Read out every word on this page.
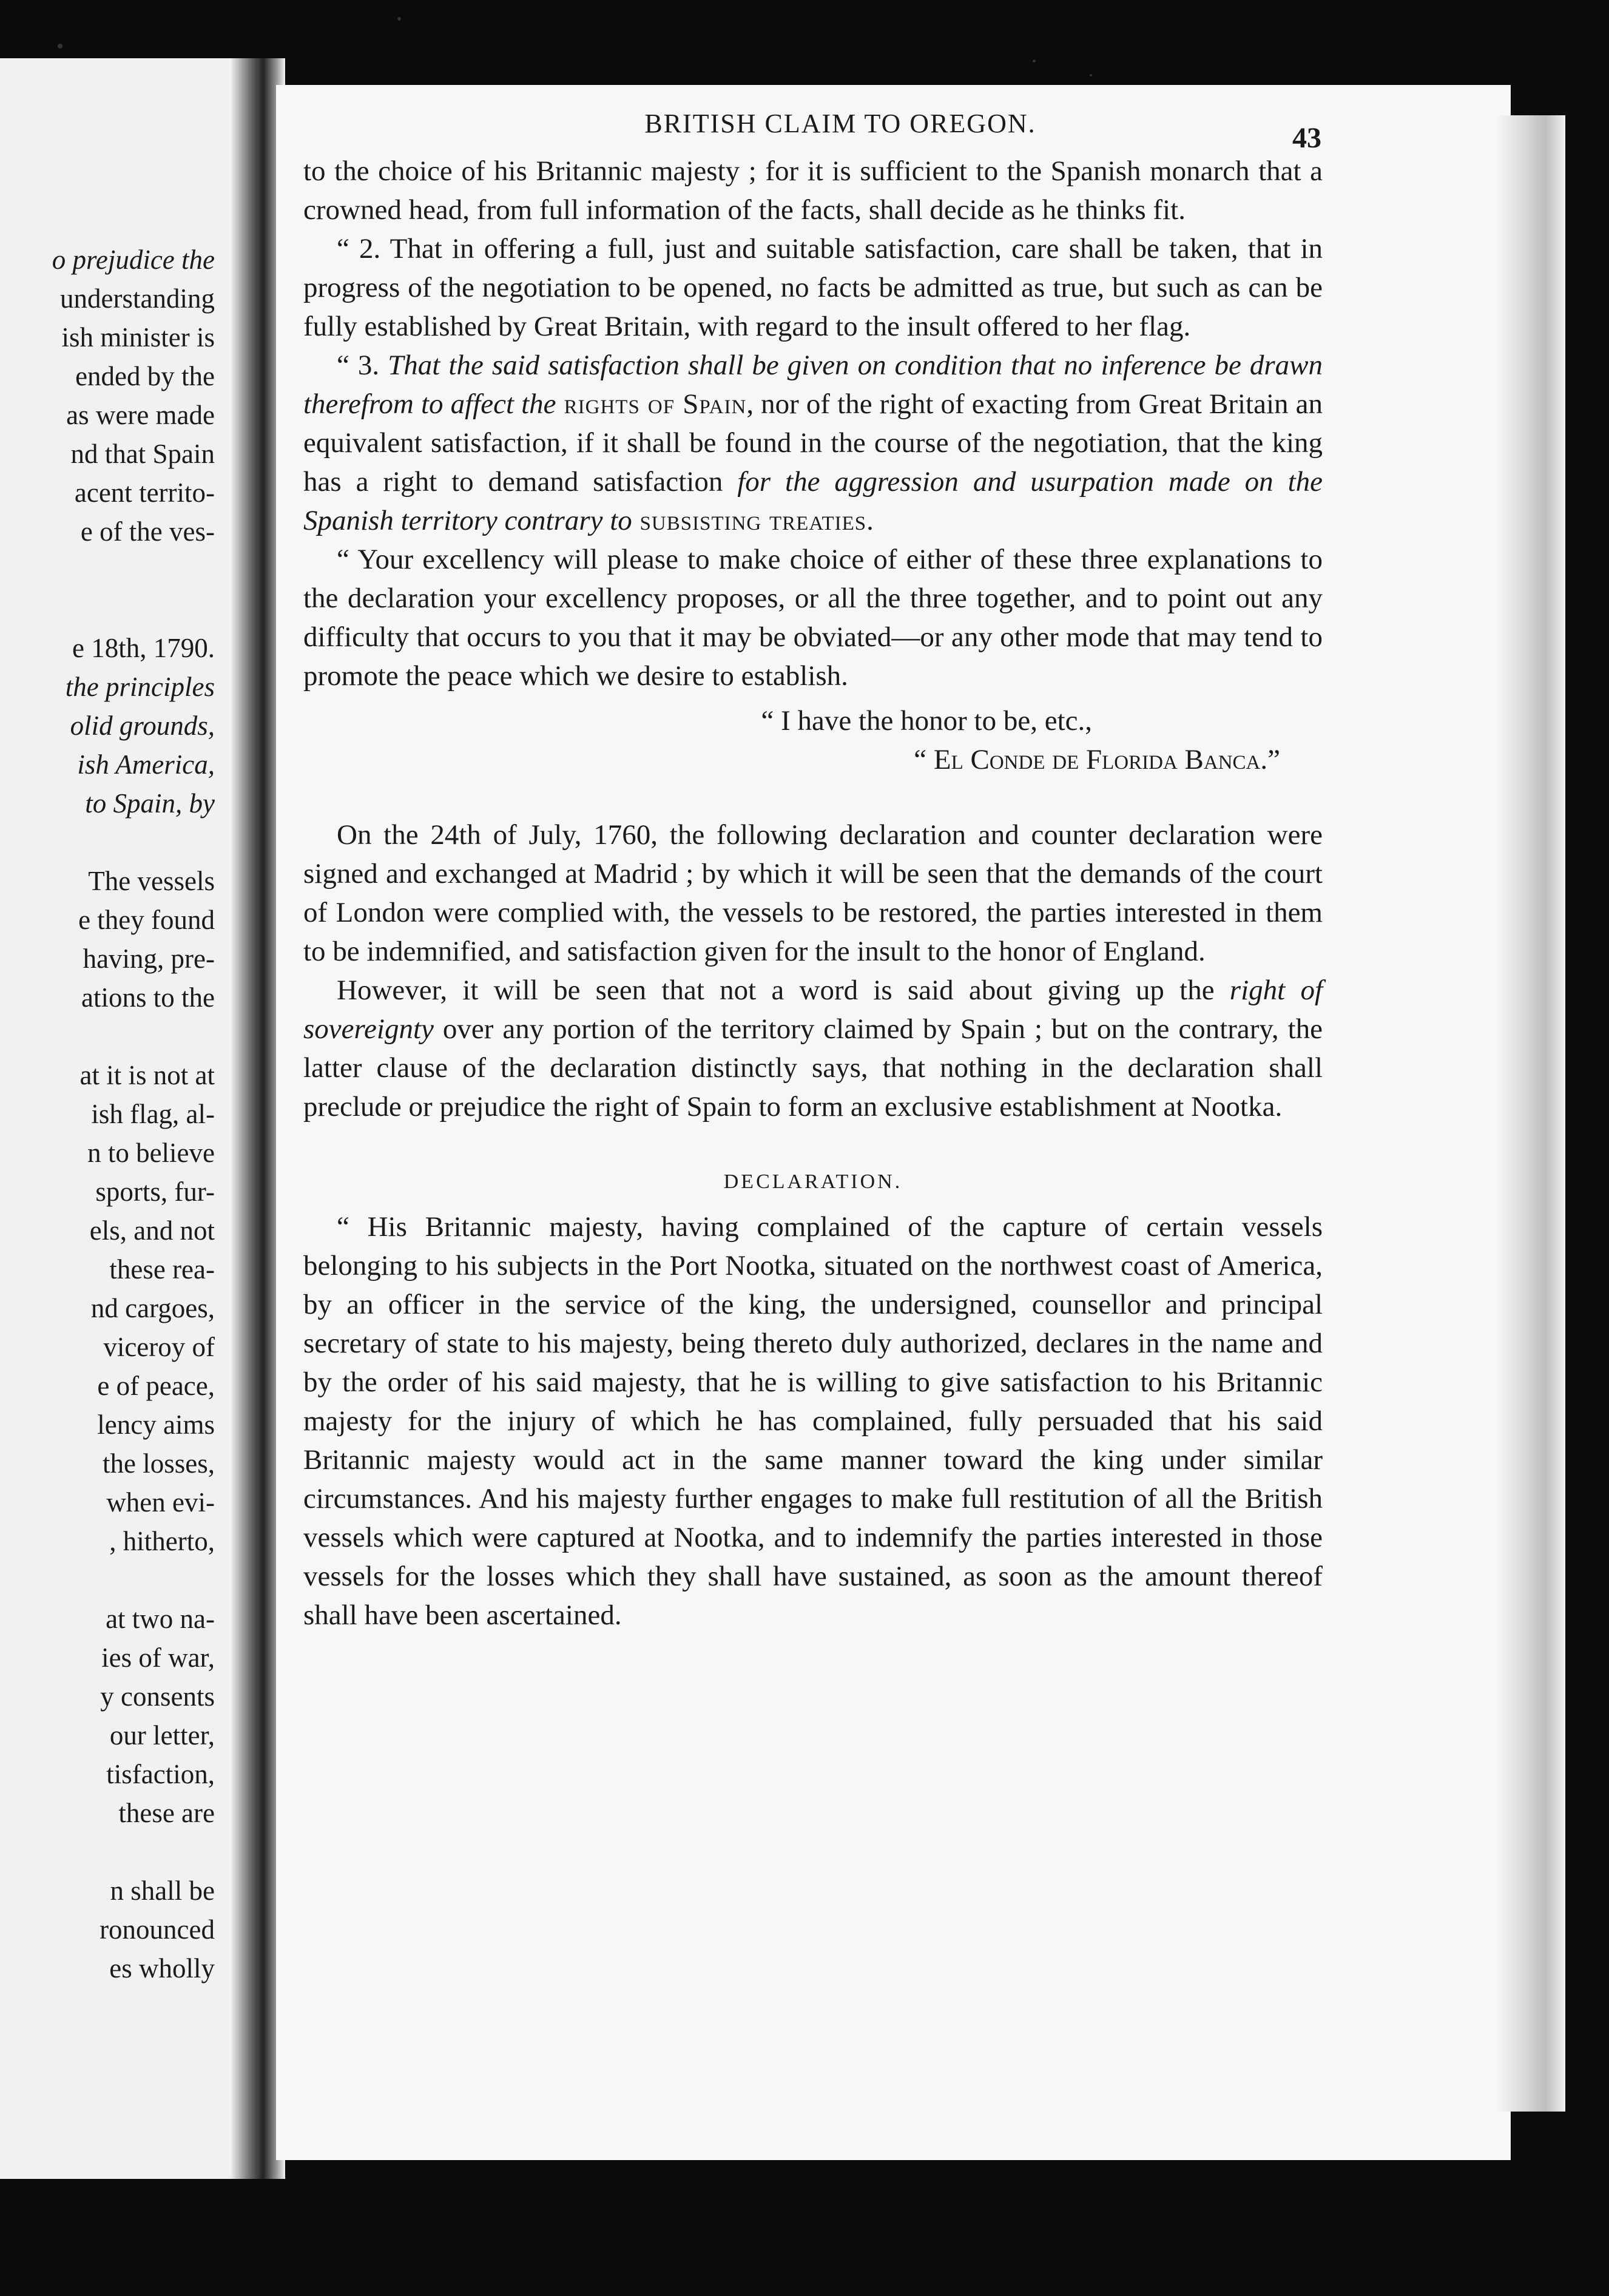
o prejudice the
understanding
ish minister is
ended by the
as were made
nd that Spain
acent territo-
e of the ves-
e 18th, 1790.
the principles
olid grounds,
ish America,
to Spain, by
The vessels
e they found
having, pre-
ations to the
at it is not at
ish flag, al-
n to believe
sports, fur-
els, and not
these rea-
nd cargoes,
viceroy of
e of peace,
lency aims
the losses,
when evi-
, hitherto,
at two na-
ies of war,
y consents
our letter,
tisfaction,
these are
n shall be
ronounced
es wholly
BRITISH CLAIM TO OREGON.	43

to the choice of his Britannic majesty ; for it is sufficient to the Spanish monarch that a crowned head, from full information of the facts, shall decide as he thinks fit.

“ 2. That in offering a full, just and suitable satisfaction, care shall be taken, that in progress of the negotiation to be opened, no facts be admitted as true, but such as can be fully established by Great Britain, with regard to the insult offered to her flag.

“ 3. That the said satisfaction shall be given on condition that no inference be drawn therefrom to affect the rights of Spain, nor of the right of exacting from Great Britain an equivalent satisfaction, if it shall be found in the course of the negotiation, that the king has a right to demand satisfaction for the aggression and usurpation made on the Spanish territory contrary to subsisting treaties.

“ Your excellency will please to make choice of either of these three explanations to the declaration your excellency proposes, or all the three together, and to point out any difficulty that occurs to you that it may be obviated—or any other mode that may tend to promote the peace which we desire to establish.

“ I have the honor to be, etc.,

“ El Conde de Florida Banca.”

On the 24th of July, 1760, the following declaration and counter declaration were signed and exchanged at Madrid ; by which it will be seen that the demands of the court of London were complied with, the vessels to be restored, the parties interested in them to be indemnified, and satisfaction given for the insult to the honor of England.

However, it will be seen that not a word is said about giving up the right of sovereignty over any portion of the territory claimed by Spain ; but on the contrary, the latter clause of the declaration distinctly says, that nothing in the declaration shall preclude or prejudice the right of Spain to form an exclusive establishment at Nootka.

DECLARATION.

“ His Britannic majesty, having complained of the capture of certain vessels belonging to his subjects in the Port Nootka, situated on the northwest coast of America, by an officer in the service of the king, the undersigned, counsellor and principal secretary of state to his majesty, being thereto duly authorized, declares in the name and by the order of his said majesty, that he is willing to give satisfaction to his Britannic majesty for the injury of which he has complained, fully persuaded that his said Britannic majesty would act in the same manner toward the king under similar circumstances. And his majesty further engages to make full restitution of all the British vessels which were captured at Nootka, and to indemnify the parties interested in those vessels for the losses which they shall have sustained, as soon as the amount thereof shall have been ascertained.
